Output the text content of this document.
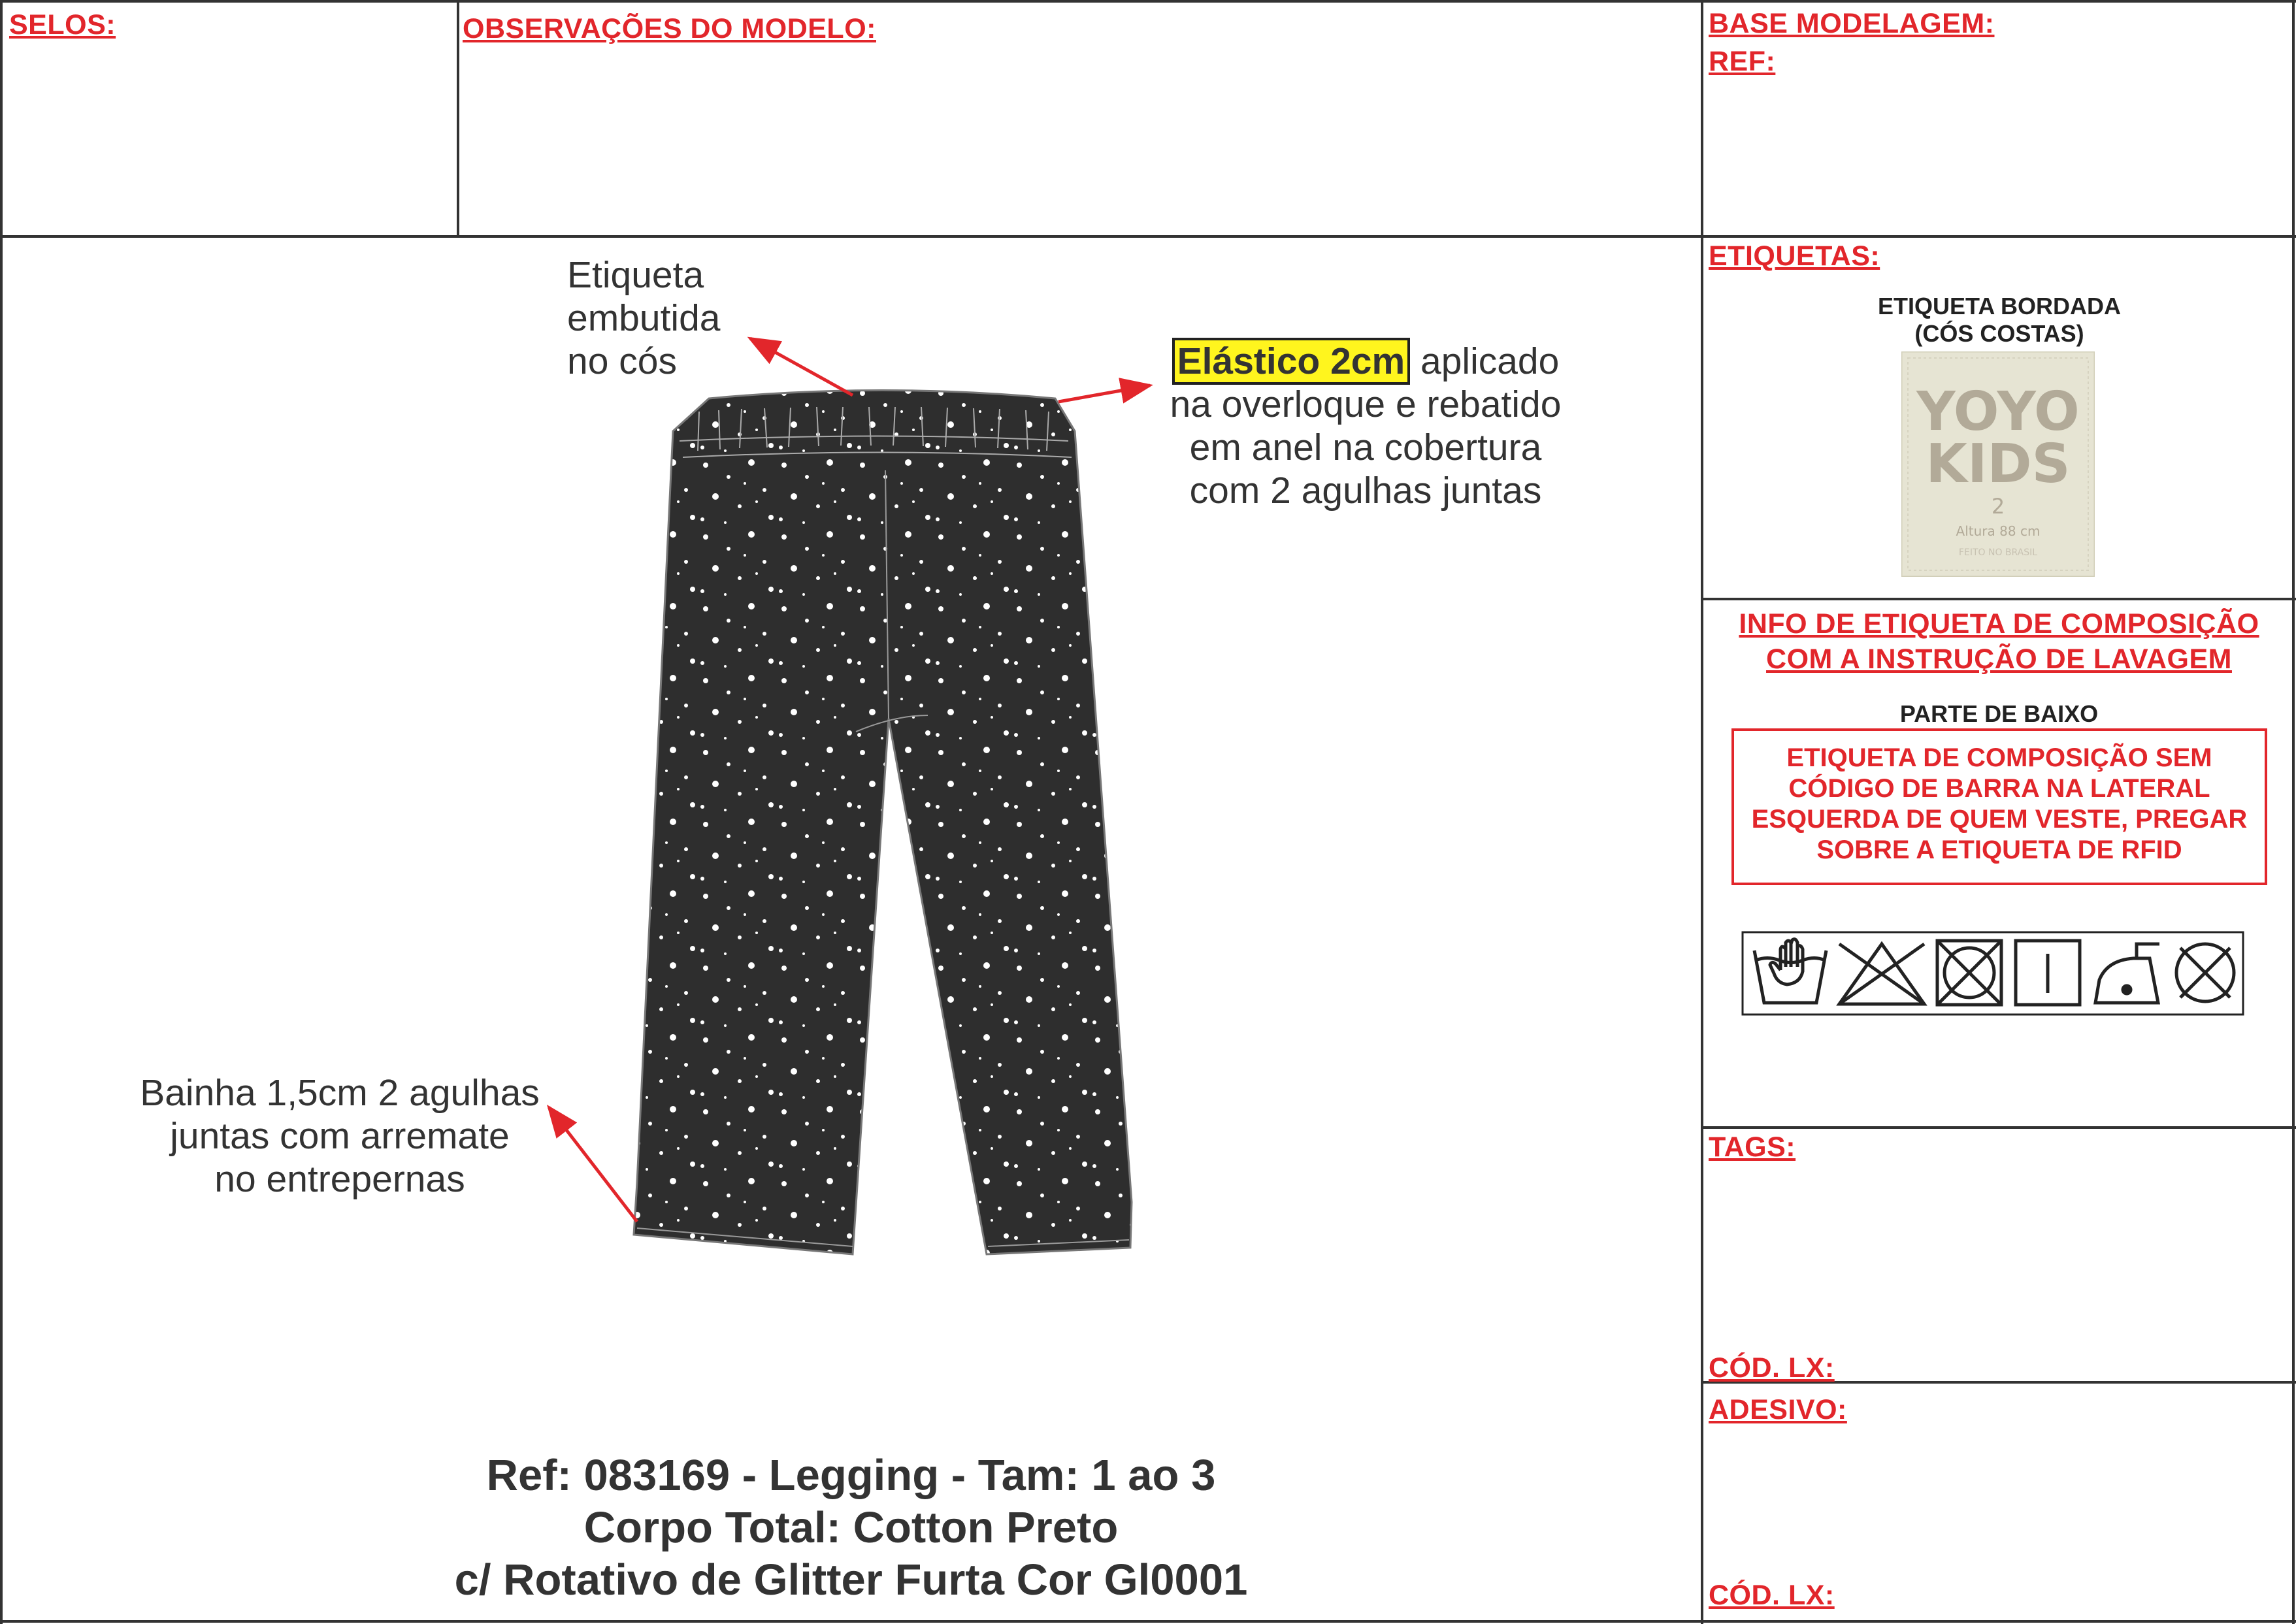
SELOS:	OBSERVAÇÕES DO MODELO:	BASE MODELAGEM:
REF:
Etiqueta
embutida
no cós	Elástico 2cm aplicado
na overloque e rebatido
em anel na cobertura
com 2 agulhas juntas
Bainha 1,5cm 2 agulhas
juntas com arremate
no entrepernas
Ref: 083169 - Legging - Tam: 1 ao 3
Corpo Total: Cotton Preto
c/ Rotativo de Glitter Furta Cor Gl0001
ETIQUETAS:
ETIQUETA BORDADA
(CÓS COSTAS)
YOYO
KIDS
2
Altura 88 cm
FEITO NO BRASIL
INFO DE ETIQUETA DE COMPOSIÇÃO
COM A INSTRUÇÃO DE LAVAGEM
PARTE DE BAIXO
ETIQUETA DE COMPOSIÇÃO SEM
CÓDIGO DE BARRA NA LATERAL
ESQUERDA DE QUEM VESTE, PREGAR
SOBRE A ETIQUETA DE RFID
TAGS:
CÓD. LX:
ADESIVO:
CÓD. LX:
